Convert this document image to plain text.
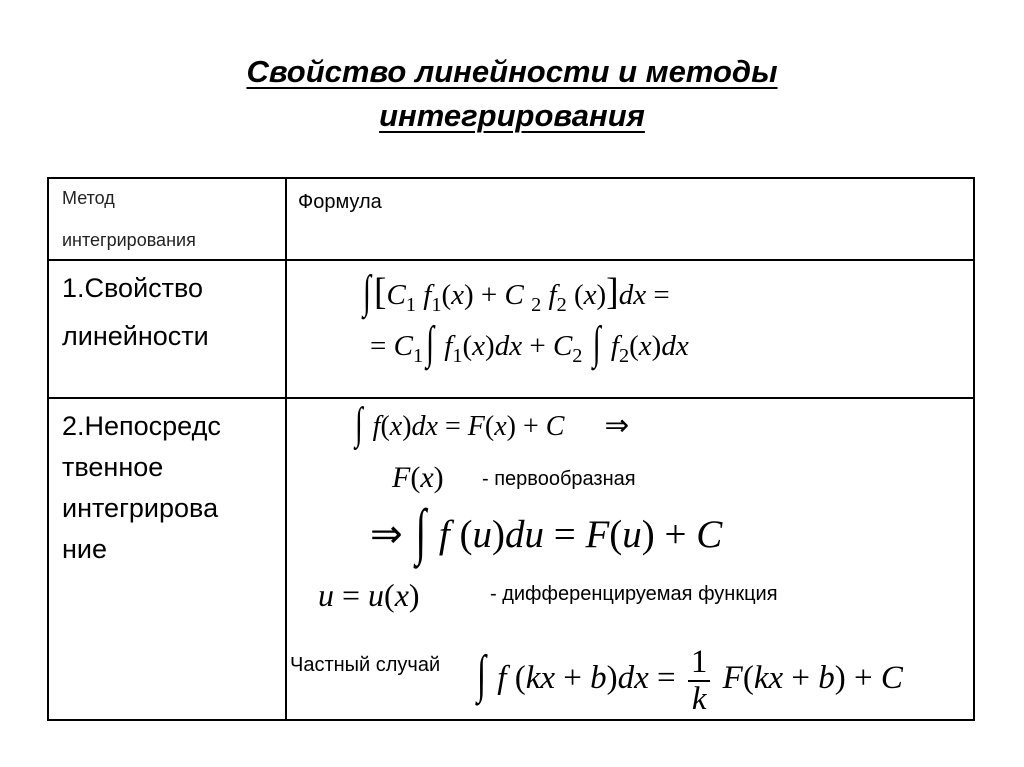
Свойство линейности и методы
интегрирования
Метод
интегрирования
Формула
1.Свойство
линейности
$\int[C_1$ $f_1(x) + C$ $_2$ $f_2$ (x)]dx =
= $C_1$ ∫ $f_1(x)dx + C_2$ ∫ $f_2(x)dx$
2.Непосредс
твенное
интегрирова
ние
∫ f(x)dx = F(x) + C ⇒
F(x) - первообразная
⇒ ∫ f (u)du = F(u) + C
u = u(x)	- дифференцируемая функция
Частный случай ∫ f $(kx + b)dx = \frac{1}{k} F(kx + b) + C$
